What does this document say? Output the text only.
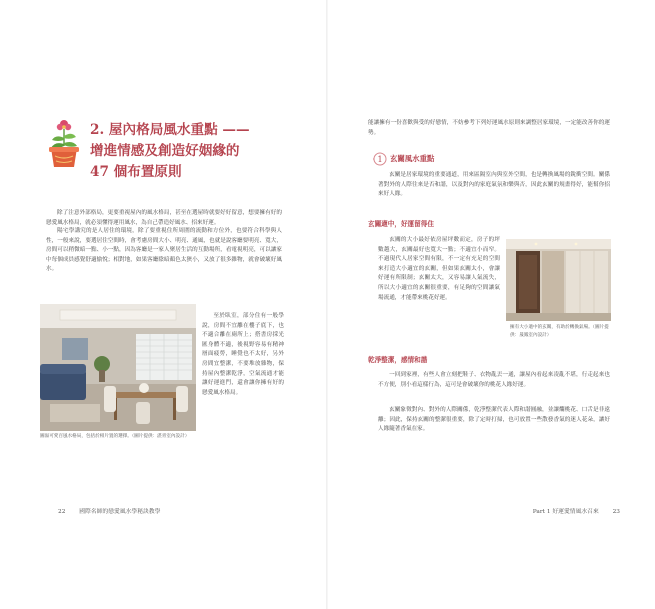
2. 屋內格局風水重點 ——
增進情感及創造好姻緣的
47 個布置原則

除了注意外部格局，更要重視屋內的風水格局，甚至在選屋時就要好好留意，想要擁有好的戀愛風水格局，就必須懂得運用風水，為自己帶造好風水、招來好運。

陽宅學講究的是人居住的環境，除了要重視住所周圍的流動和方位外，也要符合科學與人性，一般來說，要選居住空間時，會考慮房間大小、明亮、通風，也就是說客廳要明亮、寬大，房間可以稍微暗一點、小一點，因為客廳是一家人聚居生活的互動場所，看電視明亮，可以讓家中每個成員感覺舒適愉悅；相對地，如果客廳陰暗顏色太狹小，又放了很多雜物，就會破壞好風水。

至於臥室，部分住有一般學說，房間不宜離在樓子底下，也不適合離在廁所上；搭書房採光匯身體不適，後視野容易有精神層面疲勞，睡覺也不太好，另外房間宜整潔，不要堆放雜物，保持屋內整潔乾淨，空氣流通才能讓好運進門，還會讓你擁有好的戀愛風水格局。

圖溢可愛百風水格局，包括於相片置的選擇。（圖片提供：湛青室內設計）

22 國際名師的戀愛風水學秘訣教學

能讓擁有一份喜歡與受的好戀情，不妨參考下列好運風水原則來調整居家環境，一定能改善你的運勢。

1 玄關風水重點

玄關是居家環境的重要通道，用來區隔室內與室外空間，也是轉換風場的銳衝空間。關係著對外的人際往來是否和諧，以及對內的家庭氣氛和樂與否，因此玄關的規畫得好，能幫你招來好人緣。

玄關適中，好運留得住

玄關的大小最好依房屋坪數而定，房子的坪數越大，玄關最好也寬大一點；不適宜小而窄。不過現代人居家空間有限，不一定有充足的空間來打造大小適宜的玄關，但如果玄關太小，會讓好運有所限制；玄關太大，又容易讓人氣流失，所以大小適宜的玄關很重要，有足夠的空間讓氣場流通，才能帶來桃花好運。

擁有大小適中的玄關，有助於轉換氣場。（圖片提供：晟鳳室內設計）

乾淨整潔，感情和諧

一回到家裡，有些人會立刻把鞋子、衣物亂丟一通，讓屋內看起來凌亂不堪，行走起來也不方便，別小看這樣行為，這可是會破壞你的桃花人緣好運。

玄關象徵對內、對外的人際關係，乾淨整潔代表人際和諧圓融，並讓爛桃花、口舌是非遠離；因此，保持玄關的整潔很重要，除了定時打掃，也可放置一些散發香氣的迷人花朵，讓好人緣隨著香氣在家。

Part 1 好運愛情風水召來 23
